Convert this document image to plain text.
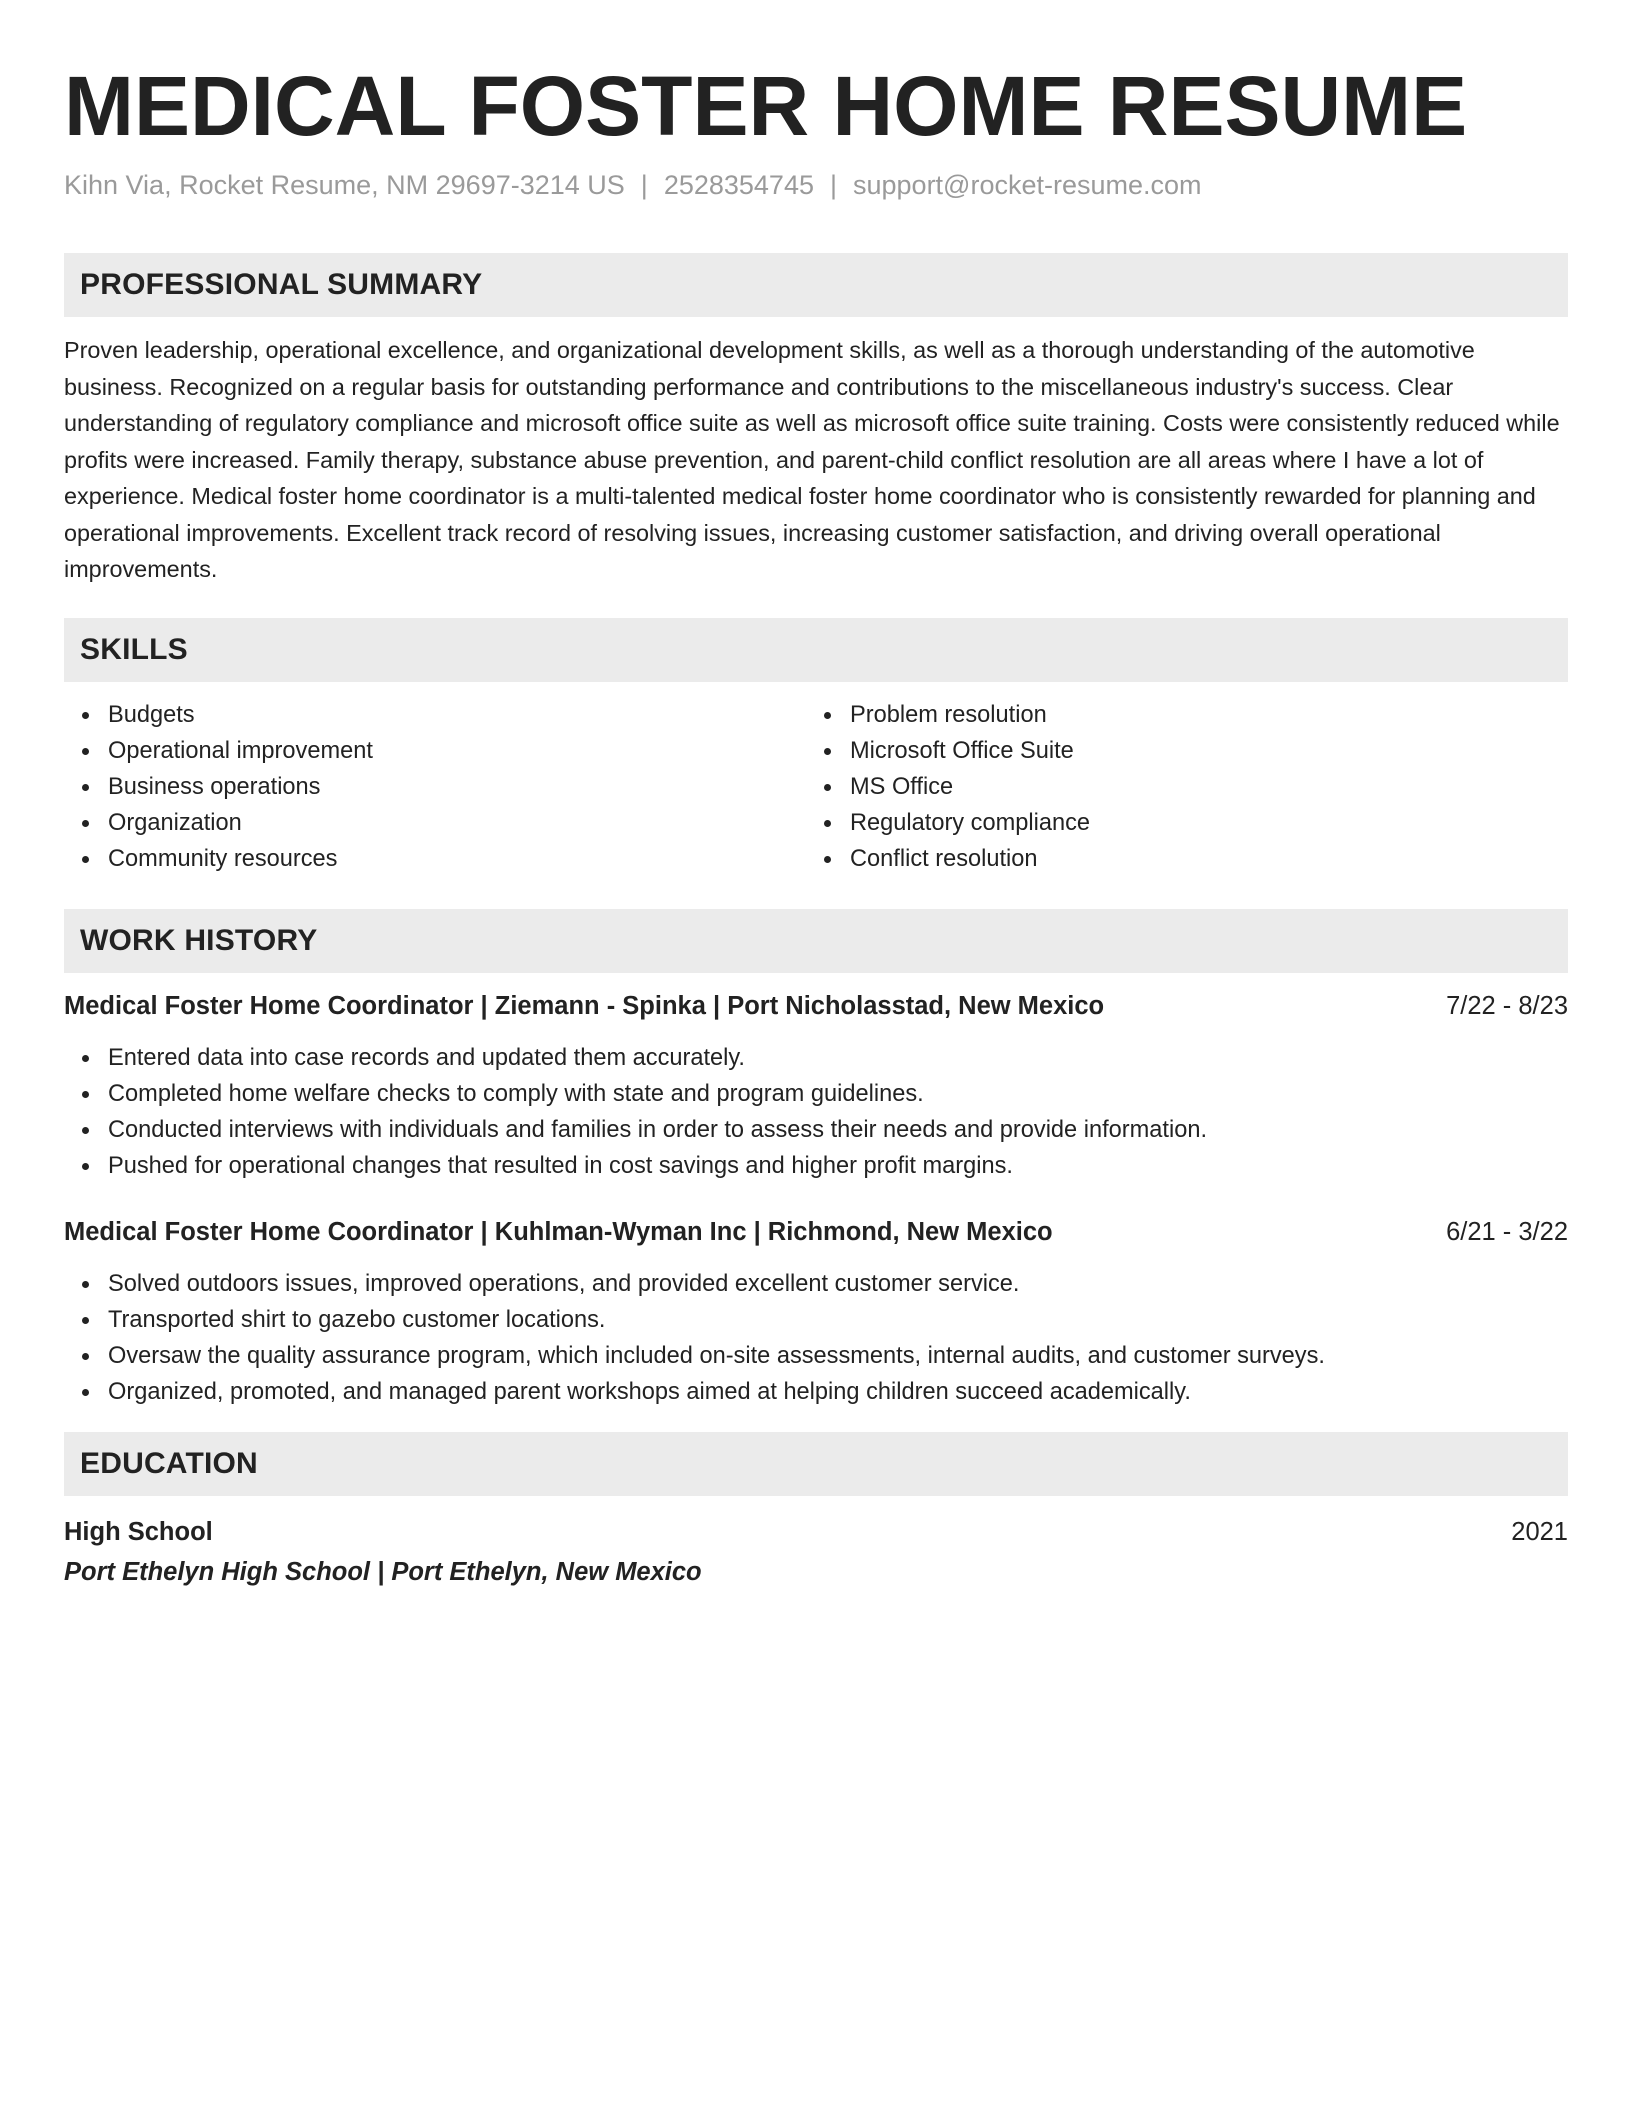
MEDICAL FOSTER HOME RESUME
Kihn Via, Rocket Resume, NM 29697-3214 US | 2528354745 | support@rocket-resume.com
PROFESSIONAL SUMMARY
Proven leadership, operational excellence, and organizational development skills, as well as a thorough understanding of the automotive business. Recognized on a regular basis for outstanding performance and contributions to the miscellaneous industry's success. Clear understanding of regulatory compliance and microsoft office suite as well as microsoft office suite training. Costs were consistently reduced while profits were increased. Family therapy, substance abuse prevention, and parent-child conflict resolution are all areas where I have a lot of experience. Medical foster home coordinator is a multi-talented medical foster home coordinator who is consistently rewarded for planning and operational improvements. Excellent track record of resolving issues, increasing customer satisfaction, and driving overall operational improvements.
SKILLS
Budgets
Operational improvement
Business operations
Organization
Community resources
Problem resolution
Microsoft Office Suite
MS Office
Regulatory compliance
Conflict resolution
WORK HISTORY
Medical Foster Home Coordinator | Ziemann - Spinka | Port Nicholasstad, New Mexico	7/22 - 8/23
Entered data into case records and updated them accurately.
Completed home welfare checks to comply with state and program guidelines.
Conducted interviews with individuals and families in order to assess their needs and provide information.
Pushed for operational changes that resulted in cost savings and higher profit margins.
Medical Foster Home Coordinator | Kuhlman-Wyman Inc | Richmond, New Mexico	6/21 - 3/22
Solved outdoors issues, improved operations, and provided excellent customer service.
Transported shirt to gazebo customer locations.
Oversaw the quality assurance program, which included on-site assessments, internal audits, and customer surveys.
Organized, promoted, and managed parent workshops aimed at helping children succeed academically.
EDUCATION
High School	2021
Port Ethelyn High School | Port Ethelyn, New Mexico
